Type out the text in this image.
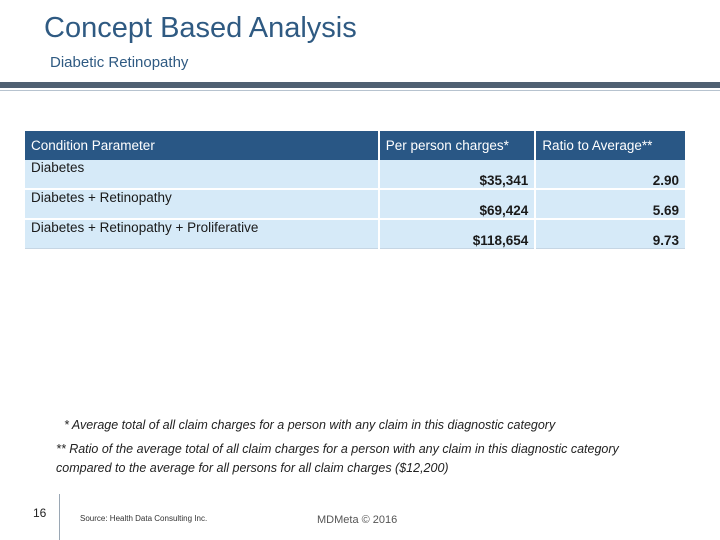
Concept Based Analysis
Diabetic Retinopathy
Condition Parameter	Per person charges*	Ratio to Average**
Diabetes	$35,341	2.90
Diabetes + Retinopathy	$69,424	5.69
Diabetes + Retinopathy + Proliferative	$118,654	9.73
* Average total of all claim charges for a person with any claim in this diagnostic category
** Ratio of the average total of all claim charges for a person with any claim in this diagnostic category compared to the average for all persons for all claim charges ($12,200)
16	Source: Health Data Consulting Inc.	MDMeta © 2016
